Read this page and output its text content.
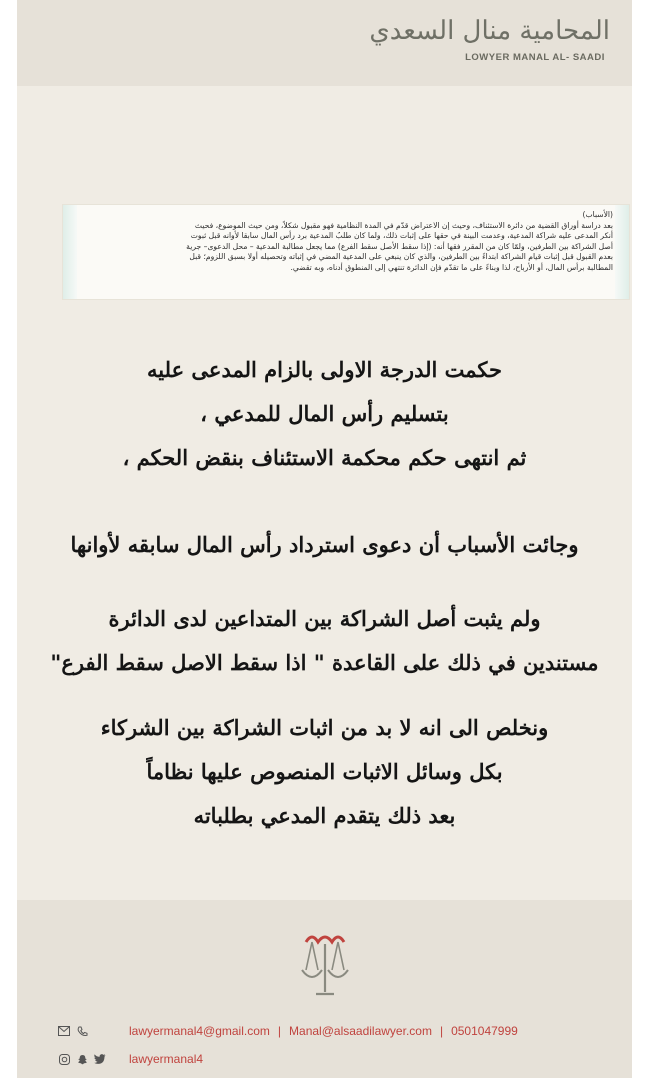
المحامية منال السعدي
LOWYER MANAL AL- SAADI
(الأسباب)
بعد دراسة أوراق القضية من دائرة الاستئناف، وحيث إن الاعتراض قدّم في المدة النظامية فهو مقبول شكلاً، ومن حيث الموضوع، فحيث
أنكر المدعى عليه شراكة المدعية، وعدمت البينة في حقها على إثبات ذلك، ولما كان طلبُ المدعية برد رأس المال سابقا لأوانه قبل ثبوت
أصل الشراكة بين الطرفين، ولمّا كان من المقرر فقها أنه: (إذا سقط الأصل سقط الفرع) مما يجعل مطالبة المدعية – محل الدعوى– جرية
بعدم القبول قبل إثبات قيام الشراكة ابتداءً بين الطرفين، والذي كان ينبغي على المدعية المضي في إثباته وتحصيله أولا بسبق اللزوم؛ قبل
المطالبة برأس المال، أو الأرباح، لذا وبناءً على ما تقدّم فإن الدائرة تنتهي إلى المنطوق أدناه، وبه تقضي.

حكمت الدرجة الاولى بالزام المدعى عليه

بتسليم رأس المال للمدعي ،

ثم انتهى حكم محكمة الاستئناف بنقض الحكم ،

وجائت الأسباب أن دعوى استرداد رأس المال سابقه لأوانها

ولم يثبت أصل الشراكة بين المتداعين لدى الدائرة

مستندين في ذلك على القاعدة " اذا سقط الاصل سقط الفرع"

ونخلص الى انه لا بد من اثبات الشراكة بين الشركاء

بكل وسائل الاثبات المنصوص عليها نظاماً

بعد ذلك يتقدم المدعي بطلباته

lawyermanal4@gmail.com | Manal@alsaadilawyer.com | 0501047999
lawyermanal4
